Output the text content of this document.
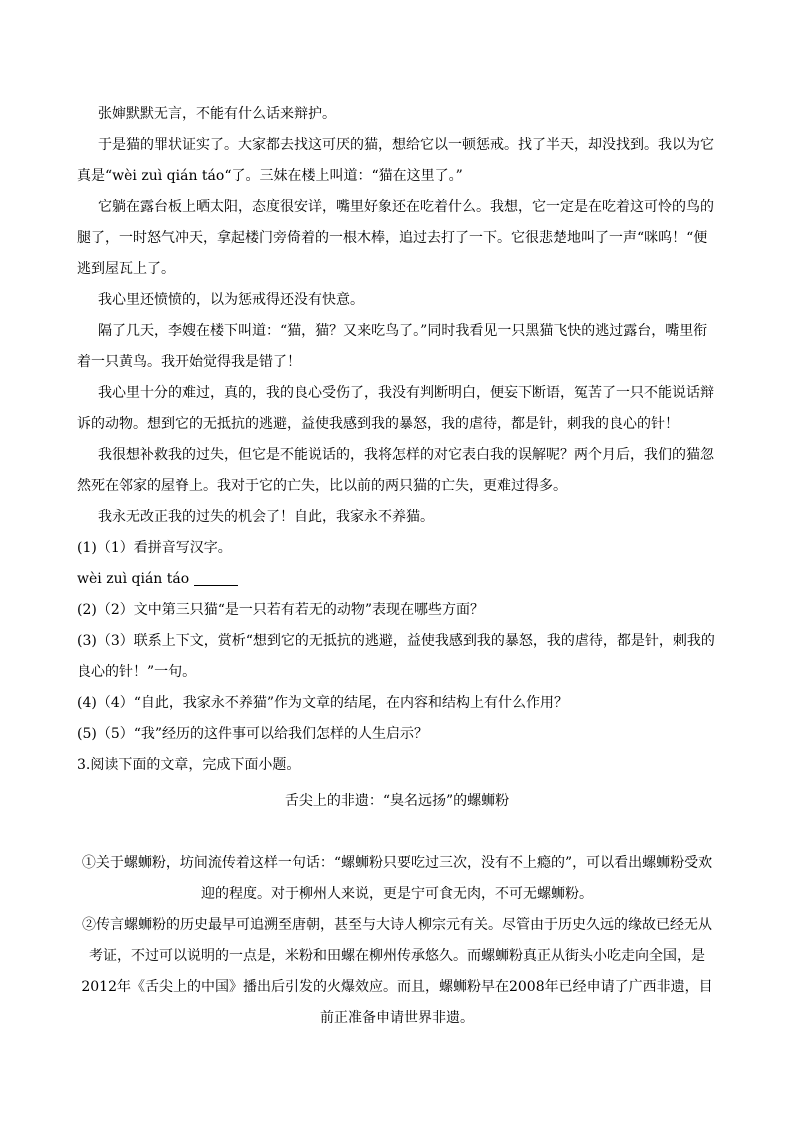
张婶默默无言，不能有什么话来辩护。

于是猫的罪状证实了。大家都去找这可厌的猫，想给它以一顿惩戒。找了半天，却没找到。我以为它真是“wèi zuì qián táo“了。三妹在楼上叫道：“猫在这里了。”

它躺在露台板上晒太阳，态度很安详，嘴里好象还在吃着什么。我想，它一定是在吃着这可怜的鸟的腿了，一时怒气冲天，拿起楼门旁倚着的一根木棒，追过去打了一下。它很悲楚地叫了一声“咪呜！“便逃到屋瓦上了。

我心里还愤愤的，以为惩戒得还没有快意。

隔了几天，李嫂在楼下叫道：“猫，猫？又来吃鸟了。”同时我看见一只黑猫飞快的逃过露台，嘴里衔着一只黄鸟。我开始觉得我是错了！

我心里十分的难过，真的，我的良心受伤了，我没有判断明白，便妄下断语，冤苦了一只不能说话辩诉的动物。想到它的无抵抗的逃避，益使我感到我的暴怒，我的虐待，都是针，刺我的良心的针！

我很想补救我的过失，但它是不能说话的，我将怎样的对它表白我的误解呢？两个月后，我们的猫忽然死在邻家的屋脊上。我对于它的亡失，比以前的两只猫的亡失，更难过得多。

我永无改正我的过失的机会了！自此，我家永不养猫。

(1)（1）看拼音写汉字。

wèi zuì qián táo

(2)（2）文中第三只猫“是一只若有若无的动物”表现在哪些方面？

(3)（3）联系上下文，赏析“想到它的无抵抗的逃避，益使我感到我的暴怒，我的虐待，都是针，刺我的良心的针！”一句。

(4)（4）“自此，我家永不养猫”作为文章的结尾，在内容和结构上有什么作用？

(5)（5）“我”经历的这件事可以给我们怎样的人生启示？

3.阅读下面的文章，完成下面小题。

舌尖上的非遗：“臭名远扬”的螺蛳粉

①关于螺蛳粉，坊间流传着这样一句话：“螺蛳粉只要吃过三次，没有不上瘾的”，可以看出螺蛳粉受欢迎的程度。对于柳州人来说，更是宁可食无肉，不可无螺蛳粉。

②传言螺蛳粉的历史最早可追溯至唐朝，甚至与大诗人柳宗元有关。尽管由于历史久远的缘故已经无从考证，不过可以说明的一点是，米粉和田螺在柳州传承悠久。而螺蛳粉真正从街头小吃走向全国，是2012年《舌尖上的中国》播出后引发的火爆效应。而且，螺蛳粉早在2008年已经申请了广西非遗，目前正准备申请世界非遗。
